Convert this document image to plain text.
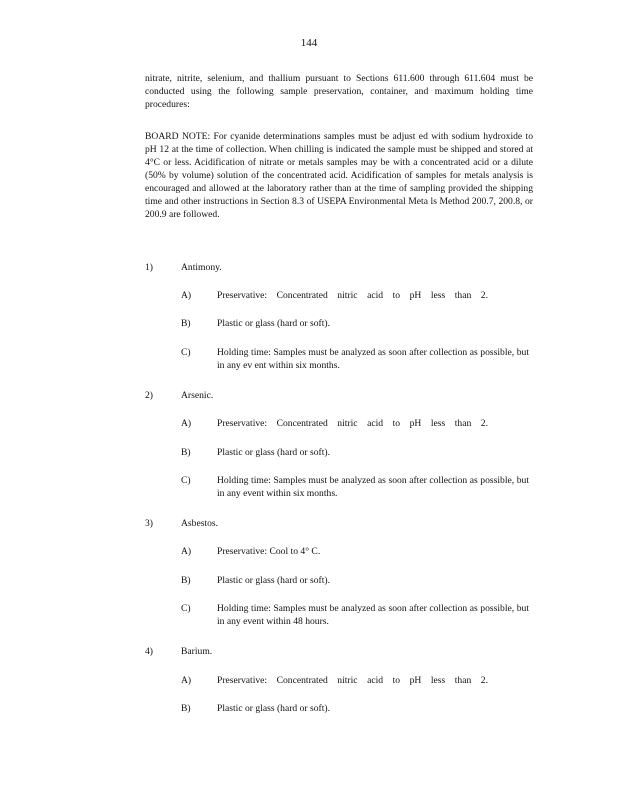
144

nitrate, nitrite, selenium, and thallium pursuant to Sections 611.600 through 611.604 must be conducted using the following sample preservation, container, and maximum holding time procedures:

BOARD NOTE: For cyanide determinations samples must be adjust ed with sodium hydroxide to pH 12 at the time of collection. When chilling is indicated the sample must be shipped and stored at 4°C or less. Acidification of nitrate or metals samples may be with a concentrated acid or a dilute (50% by volume) solution of the concentrated acid. Acidification of samples for metals analysis is encouraged and allowed at the laboratory rather than at the time of sampling provided the shipping time and other instructions in Section 8.3 of USEPA Environmental Meta ls Method 200.7, 200.8, or 200.9 are followed.

1)	Antimony.
A)	Preservative: Concentrated nitric acid to pH less than 2.
B)	Plastic or glass (hard or soft).
C)	Holding time: Samples must be analyzed as soon after collection as possible, but in any ev ent within six months.
2)	Arsenic.
A)	Preservative: Concentrated nitric acid to pH less than 2.
B)	Plastic or glass (hard or soft).
C)	Holding time: Samples must be analyzed as soon after collection as possible, but in any event within six months.
3)	Asbestos.
A)	Preservative: Cool to 4° C.
B)	Plastic or glass (hard or soft).
C)	Holding time: Samples must be analyzed as soon after collection as possible, but in any event within 48 hours.
4)	Barium.
A)	Preservative: Concentrated nitric acid to pH less than 2.
B)	Plastic or glass (hard or soft).
